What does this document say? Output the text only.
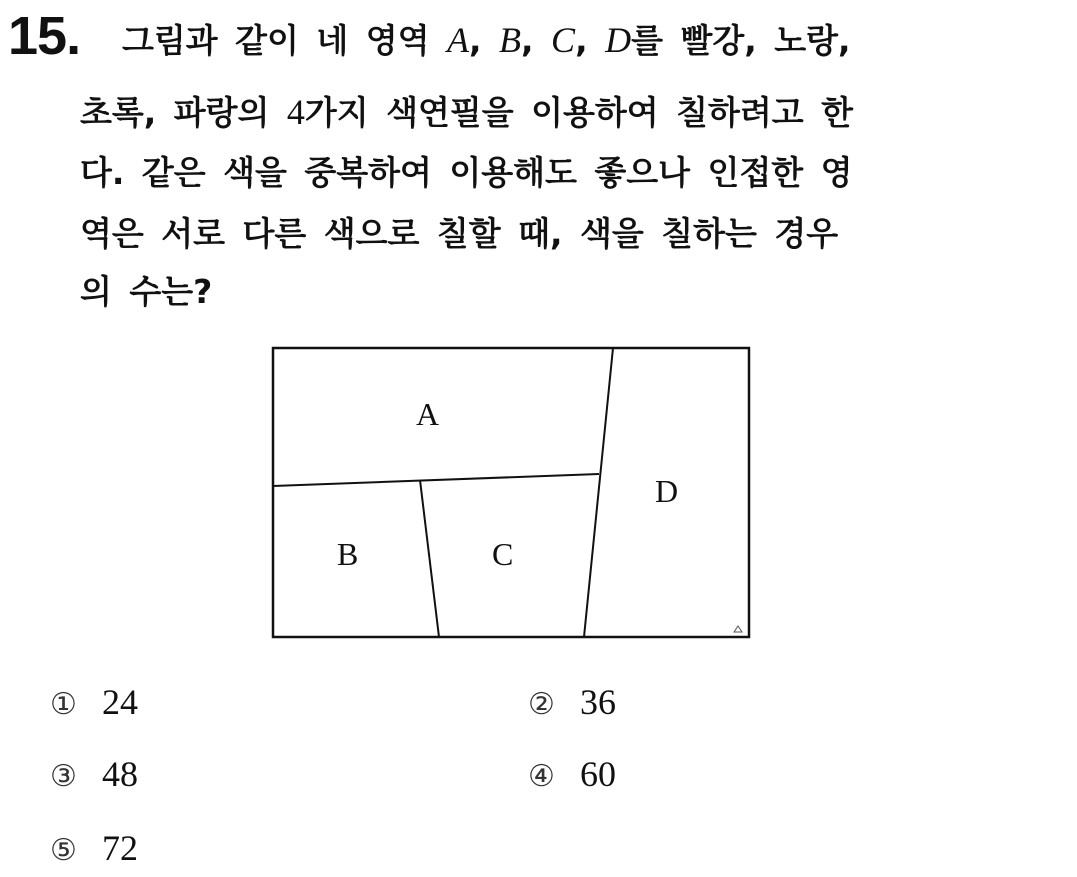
15. 그림과 같이 네 영역 A, B, C, D를 빨강, 노랑,
초록, 파랑의 4가지 색연필을 이용하여 칠하려고 한
다. 같은 색을 중복하여 이용해도 좋으나 인접한 영
역은 서로 다른 색으로 칠할 때, 색을 칠하는 경우
의 수는?
A
B	C
D
① 24	② 36
③ 48	④ 60
⑤ 72
